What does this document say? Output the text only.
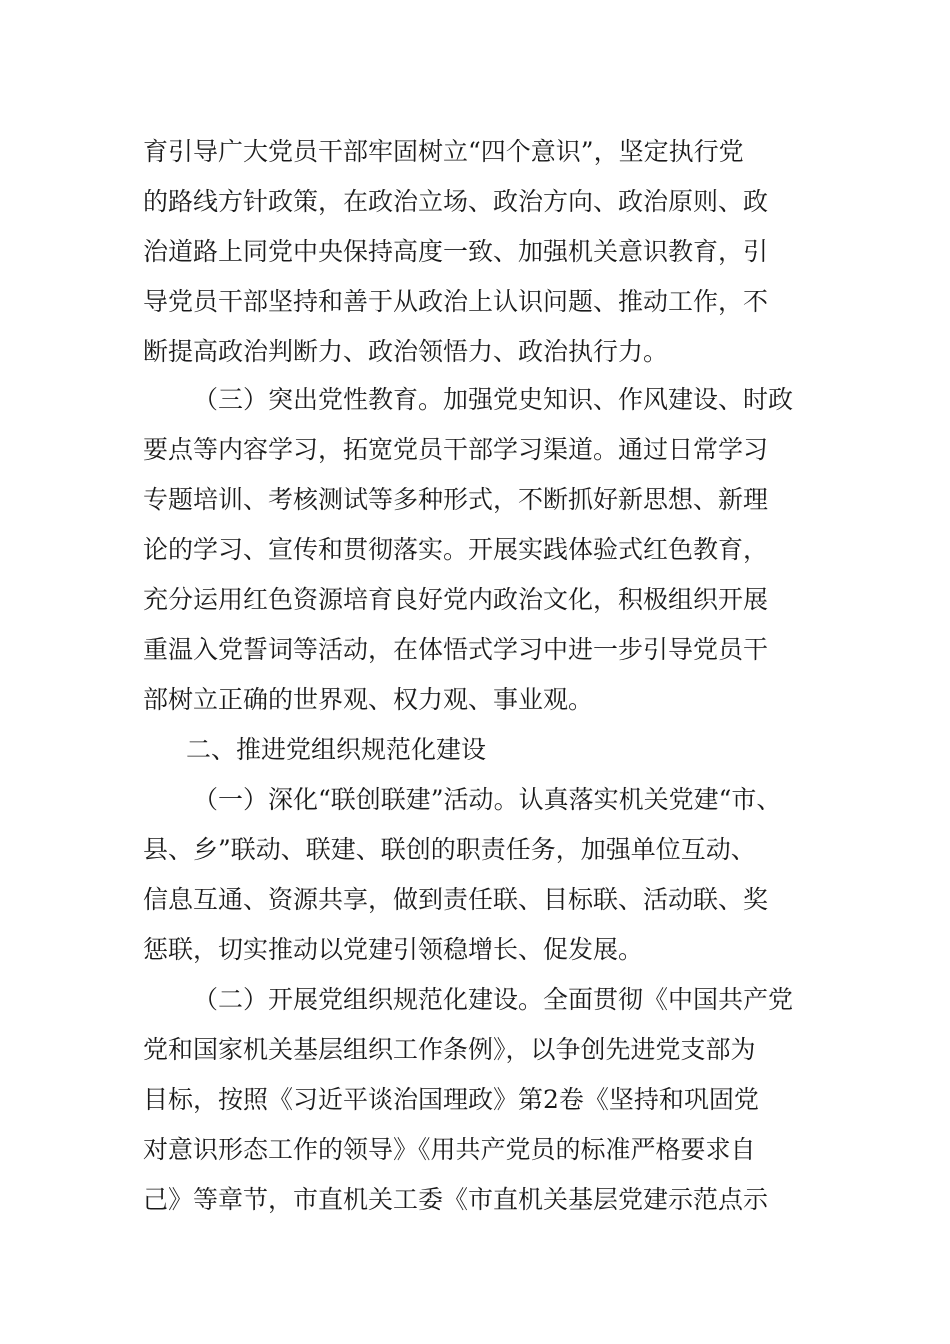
育引导广大党员干部牢固树立“四个意识”，坚定执行党
的路线方针政策，在政治立场、政治方向、政治原则、政
治道路上同党中央保持高度一致、加强机关意识教育，引
导党员干部坚持和善于从政治上认识问题、推动工作，不
断提高政治判断力、政治领悟力、政治执行力。
（三）突出党性教育。加强党史知识、作风建设、时政
要点等内容学习，拓宽党员干部学习渠道。通过日常学习
专题培训、考核测试等多种形式，不断抓好新思想、新理
论的学习、宣传和贯彻落实。开展实践体验式红色教育，
充分运用红色资源培育良好党内政治文化，积极组织开展
重温入党誓词等活动，在体悟式学习中进一步引导党员干
部树立正确的世界观、权力观、事业观。
二、推进党组织规范化建设
（一）深化“联创联建”活动。认真落实机关党建“市、
县、乡”联动、联建、联创的职责任务，加强单位互动、
信息互通、资源共享，做到责任联、目标联、活动联、奖
惩联，切实推动以党建引领稳增长、促发展。
（二）开展党组织规范化建设。全面贯彻《中国共产党
党和国家机关基层组织工作条例》，以争创先进党支部为
目标，按照《习近平谈治国理政》第2卷《坚持和巩固党
对意识形态工作的领导》《用共产党员的标准严格要求自
己》等章节，市直机关工委《市直机关基层党建示范点示
